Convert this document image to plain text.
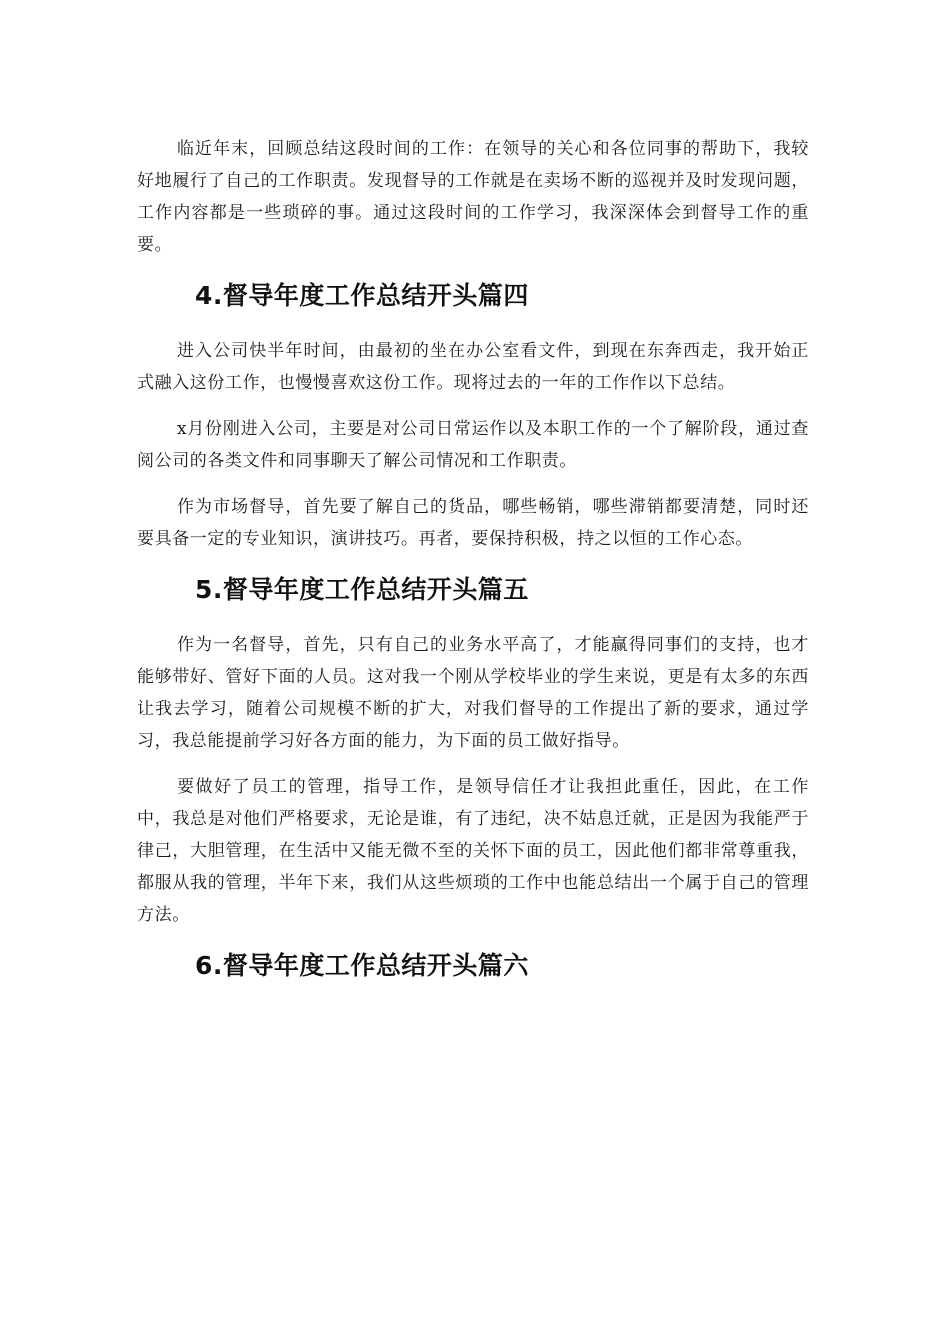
临近年末，回顾总结这段时间的工作：在领导的关心和各位同事的帮助下，我较好地履行了自己的工作职责。发现督导的工作就是在卖场不断的巡视并及时发现问题，工作内容都是一些琐碎的事。通过这段时间的工作学习，我深深体会到督导工作的重要。

4.督导年度工作总结开头篇四

进入公司快半年时间，由最初的坐在办公室看文件，到现在东奔西走，我开始正式融入这份工作，也慢慢喜欢这份工作。现将过去的一年的工作作以下总结。

x月份刚进入公司，主要是对公司日常运作以及本职工作的一个了解阶段，通过查阅公司的各类文件和同事聊天了解公司情况和工作职责。

作为市场督导，首先要了解自己的货品，哪些畅销，哪些滞销都要清楚，同时还要具备一定的专业知识，演讲技巧。再者，要保持积极，持之以恒的工作心态。

5.督导年度工作总结开头篇五

作为一名督导，首先，只有自己的业务水平高了，才能赢得同事们的支持，也才能够带好、管好下面的人员。这对我一个刚从学校毕业的学生来说，更是有太多的东西让我去学习，随着公司规模不断的扩大，对我们督导的工作提出了新的要求，通过学习，我总能提前学习好各方面的能力，为下面的员工做好指导。

要做好了员工的管理，指导工作，是领导信任才让我担此重任，因此，在工作中，我总是对他们严格要求，无论是谁，有了违纪，决不姑息迁就，正是因为我能严于律己，大胆管理，在生活中又能无微不至的关怀下面的员工，因此他们都非常尊重我，都服从我的管理，半年下来，我们从这些烦琐的工作中也能总结出一个属于自己的管理方法。

6.督导年度工作总结开头篇六
